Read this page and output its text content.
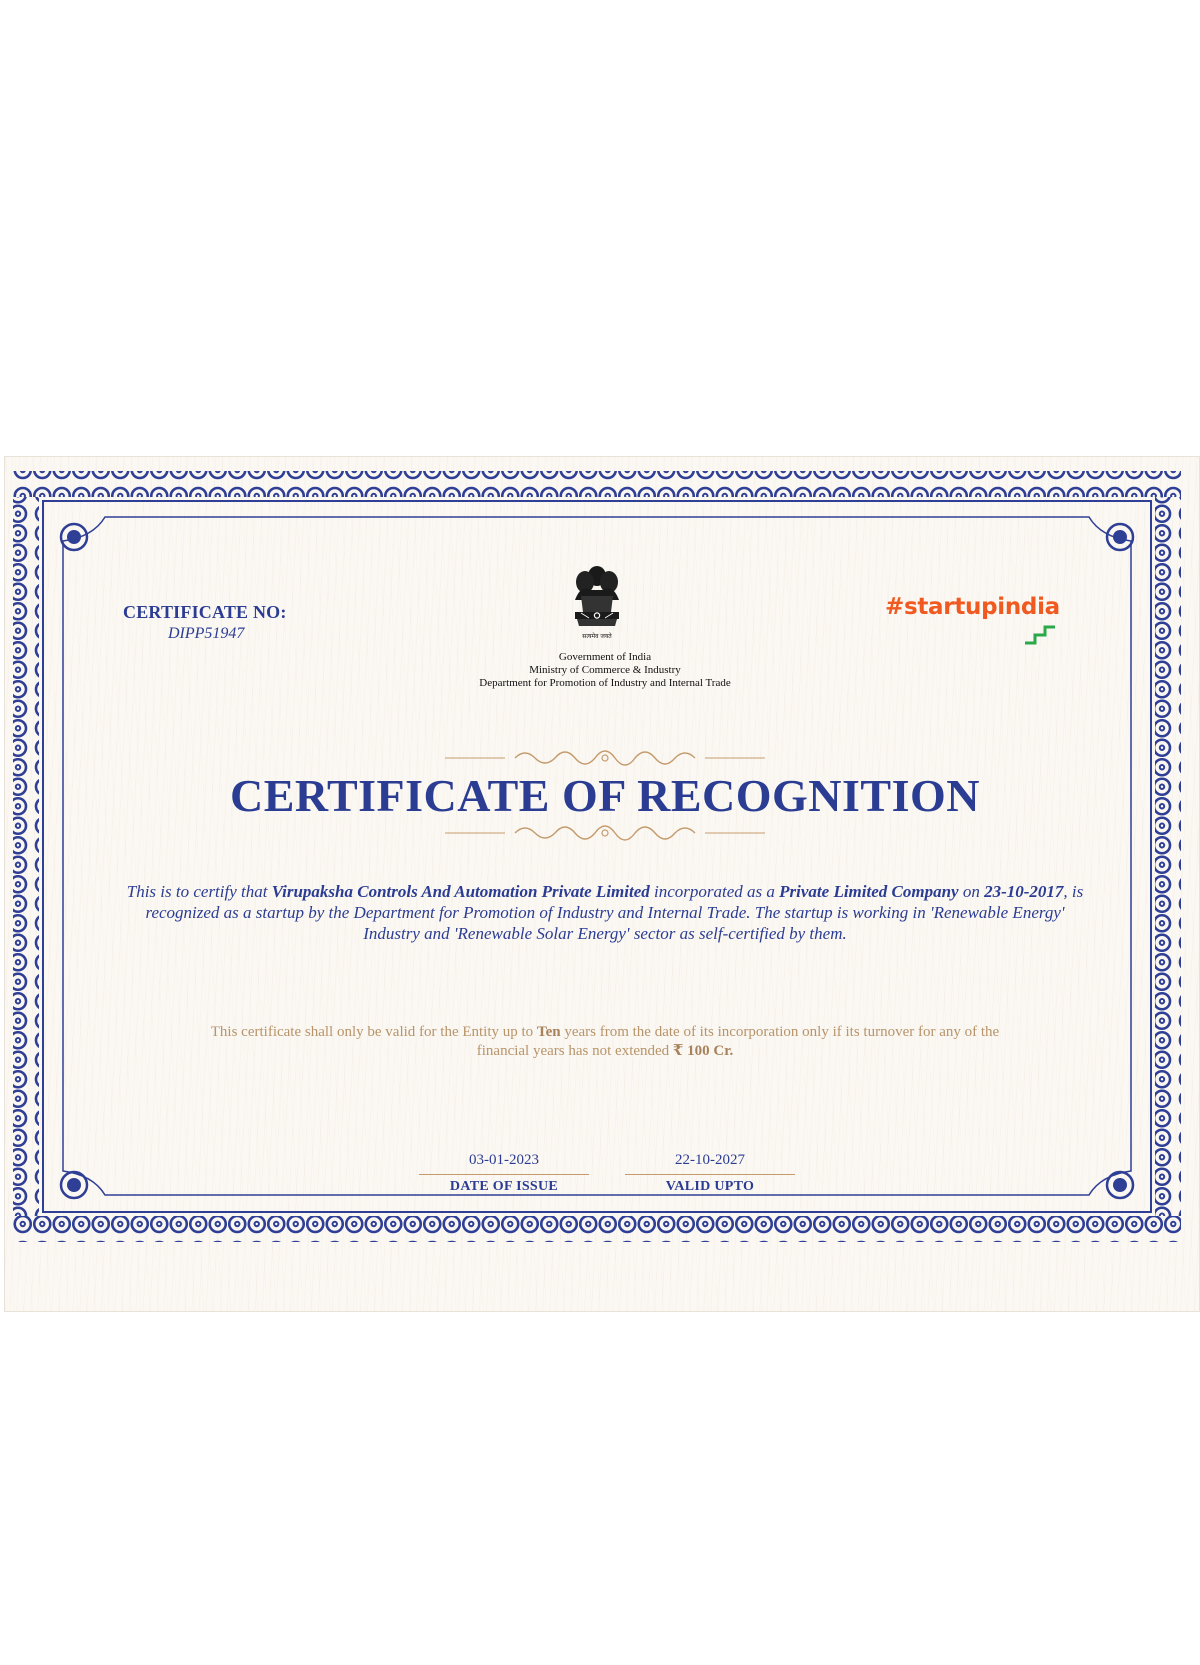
CERTIFICATE NO:
DIPP51947	सत्यमेव जयते
Government of India
Ministry of Commerce & Industry
Department for Promotion of Industry and Internal Trade
#startupindia
CERTIFICATE OF RECOGNITION
This is to certify that Virupaksha Controls And Automation Private Limited incorporated as a Private Limited Company on 23-10-2017, is recognized as a startup by the Department for Promotion of Industry and Internal Trade. The startup is working in 'Renewable Energy' Industry and 'Renewable Solar Energy' sector as self-certified by them.
This certificate shall only be valid for the Entity up to Ten years from the date of its incorporation only if its turnover for any of the financial years has not extended ₹ 100 Cr.
03-01-2023
DATE OF ISSUE
22-10-2027
VALID UPTO
